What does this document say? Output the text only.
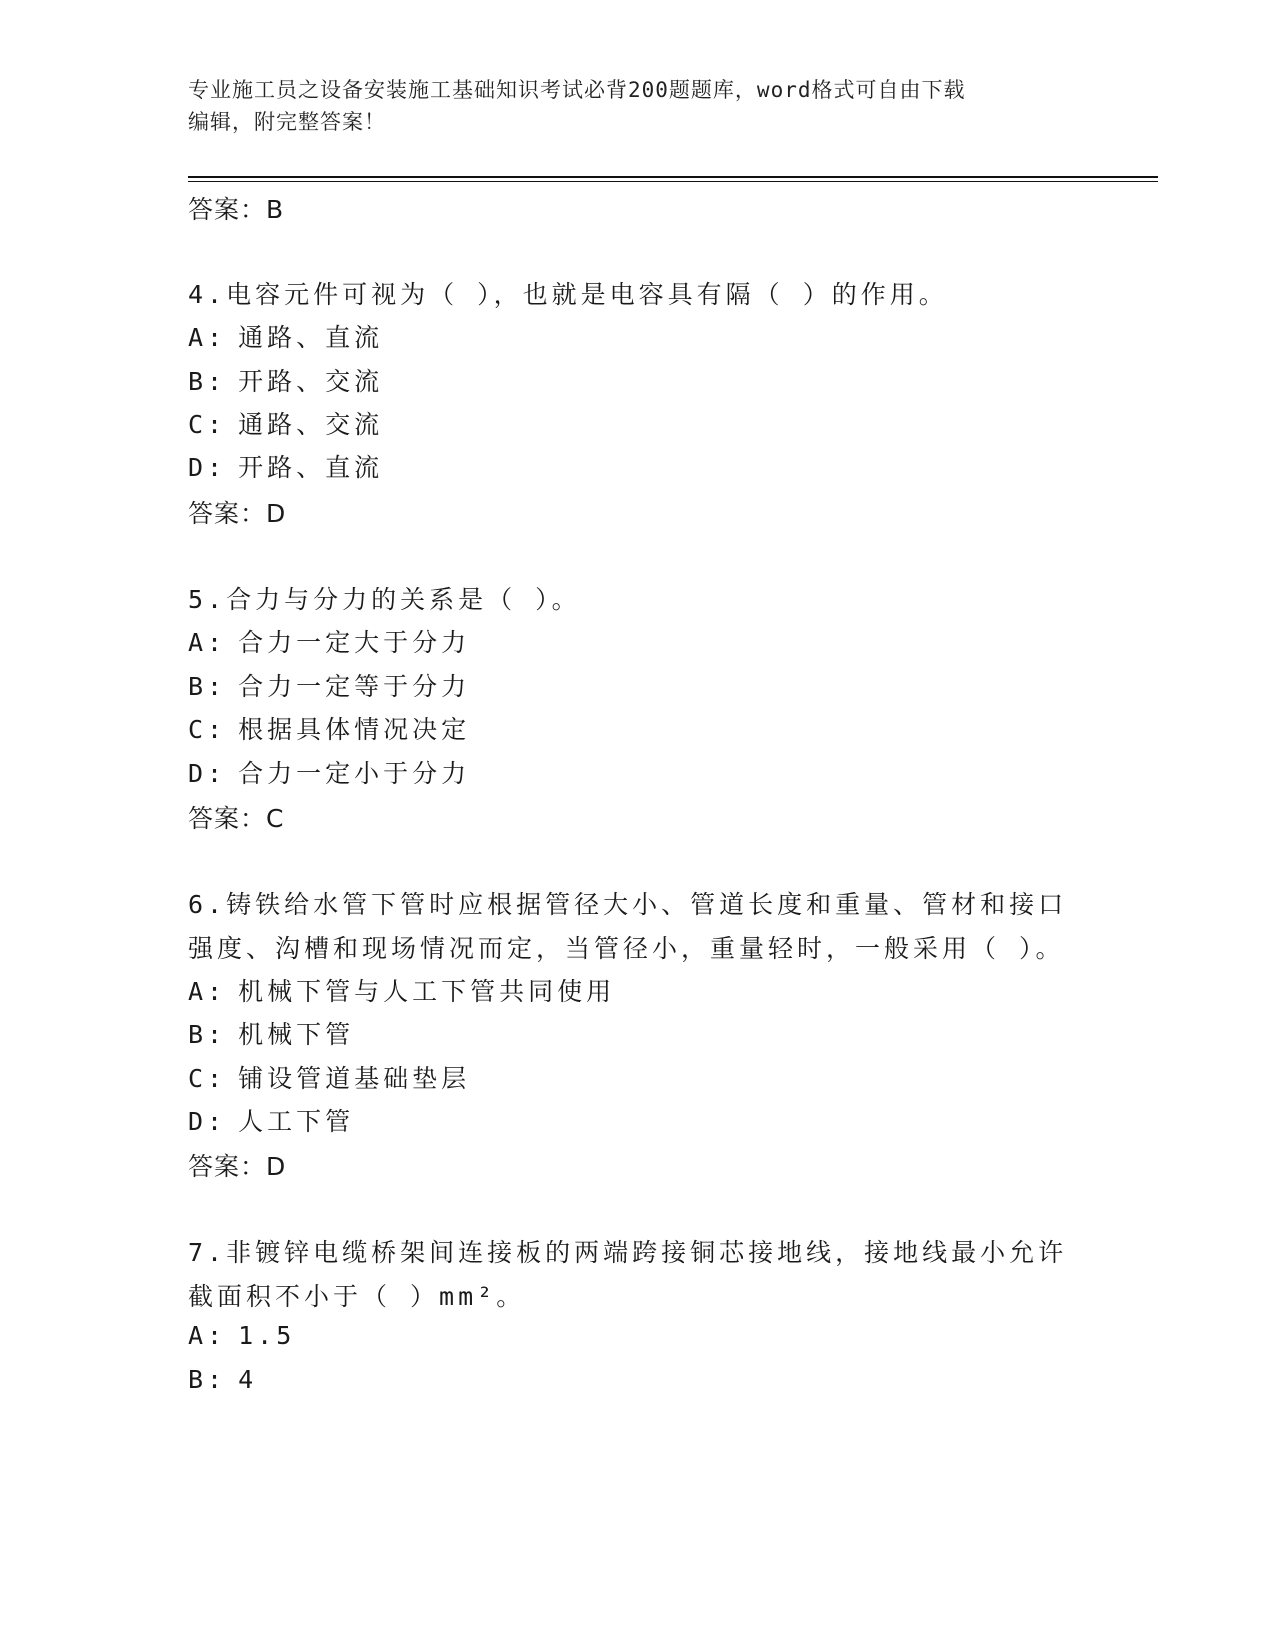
专业施工员之设备安装施工基础知识考试必背200题题库，word格式可自由下载
编辑，附完整答案！
答案：B
4.电容元件可视为（ ），也就是电容具有隔（ ）的作用。
A: 通路、直流
B: 开路、交流
C: 通路、交流
D: 开路、直流
答案：D
5.合力与分力的关系是（ ）。
A: 合力一定大于分力
B: 合力一定等于分力
C: 根据具体情况决定
D: 合力一定小于分力
答案：C
6.铸铁给水管下管时应根据管径大小、管道长度和重量、管材和接口
强度、沟槽和现场情况而定，当管径小，重量轻时，一般采用（ ）。
A: 机械下管与人工下管共同使用
B: 机械下管
C: 铺设管道基础垫层
D: 人工下管
答案：D
7.非镀锌电缆桥架间连接板的两端跨接铜芯接地线，接地线最小允许
截面积不小于（ ）mm²。
A: 1.5
B: 4
